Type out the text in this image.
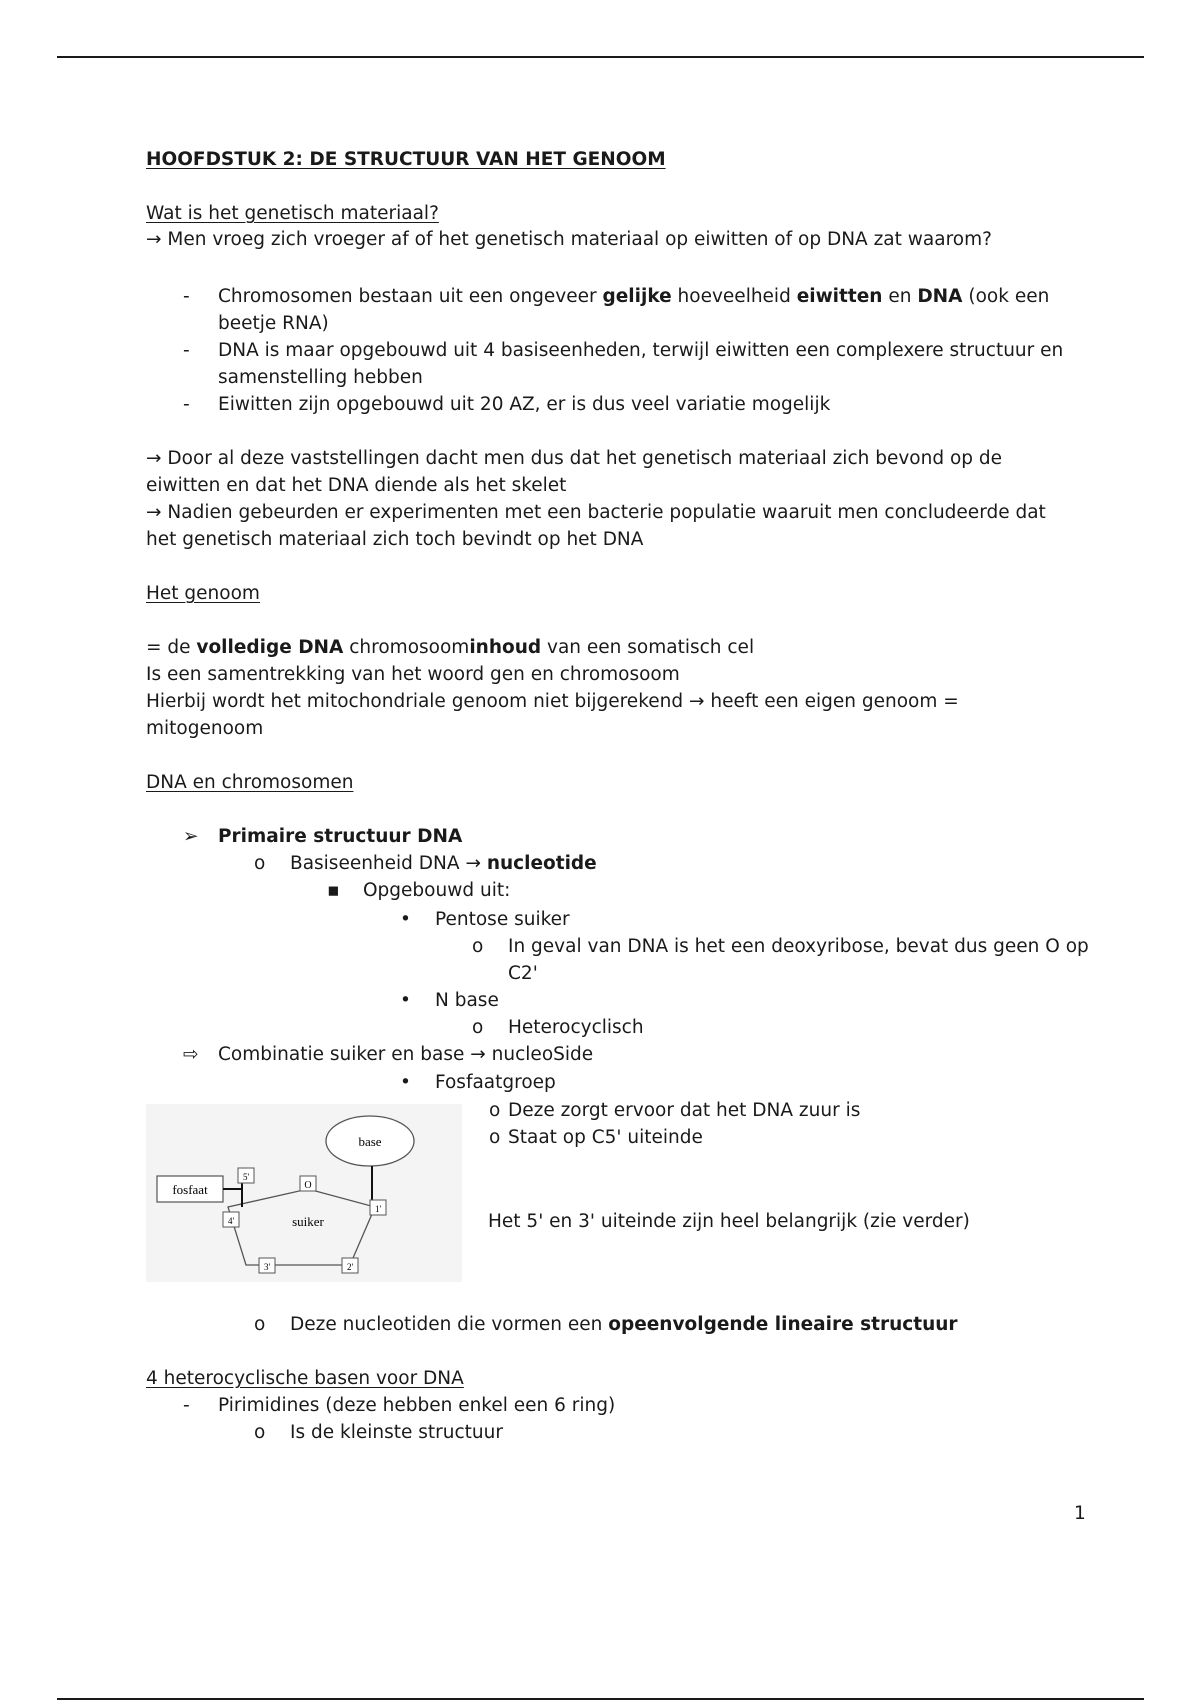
HOOFDSTUK 2: DE STRUCTUUR VAN HET GENOOM
Wat is het genetisch materiaal?
→ Men vroeg zich vroeger af of het genetisch materiaal op eiwitten of op DNA zat waarom?
- Chromosomen bestaan uit een ongeveer gelijke hoeveelheid eiwitten en DNA (ook een
beetje RNA)
- DNA is maar opgebouwd uit 4 basiseenheden, terwijl eiwitten een complexere structuur en
samenstelling hebben
- Eiwitten zijn opgebouwd uit 20 AZ, er is dus veel variatie mogelijk
→ Door al deze vaststellingen dacht men dus dat het genetisch materiaal zich bevond op de
eiwitten en dat het DNA diende als het skelet
→ Nadien gebeurden er experimenten met een bacterie populatie waaruit men concludeerde dat
het genetisch materiaal zich toch bevindt op het DNA
Het genoom
= de volledige DNA chromosoominhoud van een somatisch cel
Is een samentrekking van het woord gen en chromosoom
Hierbij wordt het mitochondriale genoom niet bijgerekend → heeft een eigen genoom =
mitogenoom
DNA en chromosomen
➢ Primaire structuur DNA
o Basiseenheid DNA → nucleotide
▪ Opgebouwd uit:
• Pentose suiker
o In geval van DNA is het een deoxyribose, bevat dus geen O op
C2'
• N base
o Heterocyclisch
⇨ Combinatie suiker en base → nucleoSide
• Fosfaatgroep
o Deze zorgt ervoor dat het DNA zuur is
o Staat op C5' uiteinde
Het 5' en 3' uiteinde zijn heel belangrijk (zie verder)
base
fosfaat
suiker
O
5'
4'
1'
2'
3'
o Deze nucleotiden die vormen een opeenvolgende lineaire structuur
4 heterocyclische basen voor DNA
- Pirimidines (deze hebben enkel een 6 ring)
o Is de kleinste structuur
1
